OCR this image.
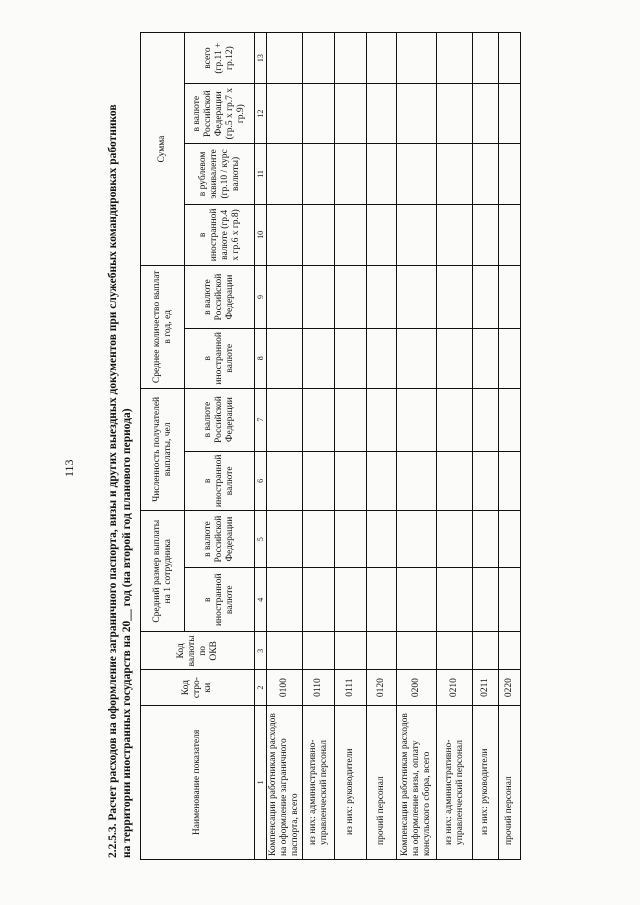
113	2.2.5.3. Расчет расходов на оформление заграничного паспорта, визы и других выездных документов при служебных командировках работников на территории иностранных государств на 20__ год (на второй год планового периода)	Наименование показателя	Код стро-ки	Код валюты по ОКВ	Средний размер выплаты на 1 сотрудника		Численность получателей выплаты, чел		Среднее количество выплат в год, ед		Сумма			
			в иностранной валюте	в валюте Российской Федерации	в иностранной валюте	в валюте Российской Федерации	в иностранной валюте	в валюте Российской Федерации	в иностранной валюте (гр.4 x гр.6 x гр.8)	в рублевом эквиваленте (гр.10 / курс валюты)	в валюте Российской Федерации (гр.5 x гр.7 x гр.9)	всего (гр.11 + гр.12)

1	2	3	4	5	6	7	8	9	10	11	12	13
Компенсации работникам расходов на оформление заграничного паспорта, всего	0100											
из них: административно-управленческий персонал	0110											
из них: руководители	0111											
прочий персонал	0120											
Компенсации работникам расходов на оформление визы, оплату консульского сбора, всего	0200											
из них: административно-управленческий персонал	0210											
из них: руководители	0211											
прочий персонал	0220											
